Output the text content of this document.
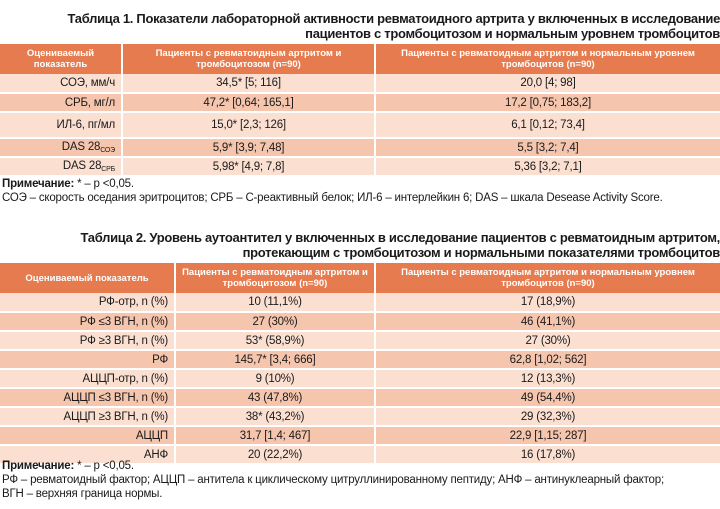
Таблица 1. Показатели лабораторной активности ревматоидного артрита у включенных в исследование
пациентов с тромбоцитозом и нормальным уровнем тромбоцитов
Оцениваемый показатель	Пациенты с ревматоидным артритом и тромбоцитозом (n=90)	Пациенты с ревматоидным артритом и нормальным уровнем тромбоцитов (n=90)
СОЭ, мм/ч	34,5* [5; 116]	20,0 [4; 98]
СРБ, мг/л	47,2* [0,64; 165,1]	17,2 [0,75; 183,2]
ИЛ-6, пг/мл	15,0* [2,3; 126]	6,1 [0,12; 73,4]
DAS $28_{СОЭ}$	5,9* [3,9; 7,48]	5,5 [3,2; 7,4]
DAS $28_{СРБ}$	5,98* [4,9; 7,8]	5,36 [3,2; 7,1]
Примечание: * – р <0,05.
СОЭ – скорость оседания эритроцитов; СРБ – С-реактивный белок; ИЛ-6 – интерлейкин 6; DAS – шкала Desease Activity Score.
Таблица 2. Уровень аутоантител у включенных в исследование пациентов с ревматоидным артритом,
протекающим с тромбоцитозом и нормальными показателями тромбоцитов
Оцениваемый показатель	Пациенты с ревматоидным артритом и тромбоцитозом (n=90)	Пациенты с ревматоидным артритом и нормальным уровнем тромбоцитов (n=90)
РФ-отр, n (%)	10 (11,1%)	17 (18,9%)
РФ ≤3 ВГН, n (%)	27 (30%)	46 (41,1%)
РФ ≥3 ВГН, n (%)	53* (58,9%)	27 (30%)
РФ	145,7* [3,4; 666]	62,8 [1,02; 562]
АЦЦП-отр, n (%)	9 (10%)	12 (13,3%)
АЦЦП ≤3 ВГН, n (%)	43 (47,8%)	49 (54,4%)
АЦЦП ≥3 ВГН, n (%)	38* (43,2%)	29 (32,3%)
АЦЦП	31,7 [1,4; 467]	22,9 [1,15; 287]
АНФ	20 (22,2%)	16 (17,8%)
Примечание: * – р <0,05.
РФ – ревматоидный фактор; АЦЦП – антитела к циклическому цитруллинированному пептиду; АНФ – антинуклеарный фактор;
ВГН – верхняя граница нормы.
